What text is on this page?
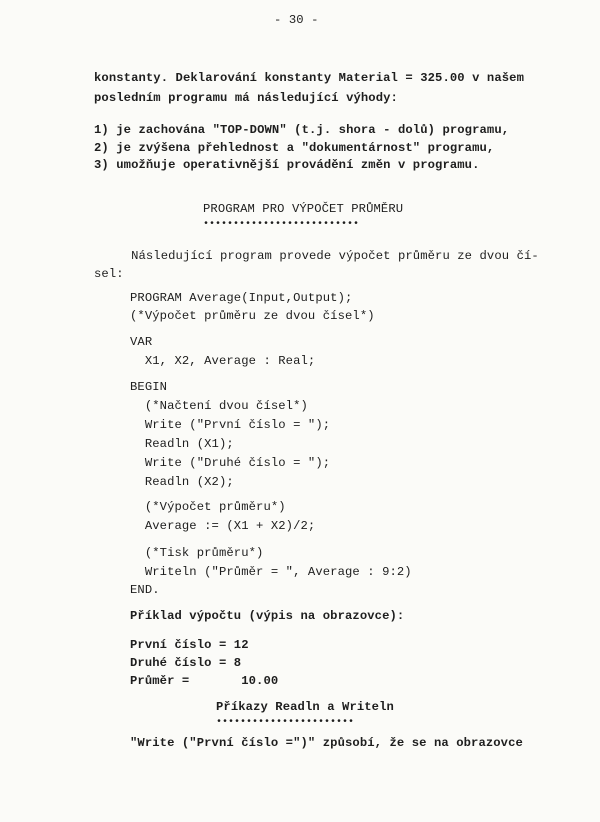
- 30 -
konstanty. Deklarování konstanty Material = 325.00 v našem
posledním programu má následující výhody:
1) je zachována "TOP-DOWN" (t.j. shora - dolů) programu,
2) je zvýšena přehlednost a "dokumentárnost" programu,
3) umožňuje operativnější provádění změn v programu.
PROGRAM PRO VÝPOČET PRŮMĚRU
••••••••••••••••••••••••••
Následující program provede výpočet průměru ze dvou čí-
sel:
PROGRAM Average(Input,Output);
(*Výpočet průměru ze dvou čísel*)
VAR
X1, X2, Average : Real;
BEGIN
(*Načtení dvou čísel*)
Write ("První číslo = ");
Readln (X1);
Write ("Druhé číslo = ");
Readln (X2);
(*Výpočet průměru*)
Average := (X1 + X2)/2;
(*Tisk průměru*)
Writeln ("Průměr = ", Average : 9:2)
END.
Příklad výpočtu (výpis na obrazovce):
První číslo = 12
Druhé číslo = 8
Průměr =       10.00
Příkazy Readln a Writeln
•••••••••••••••••••••••
"Write ("První číslo =")" způsobí, že se na obrazovce
